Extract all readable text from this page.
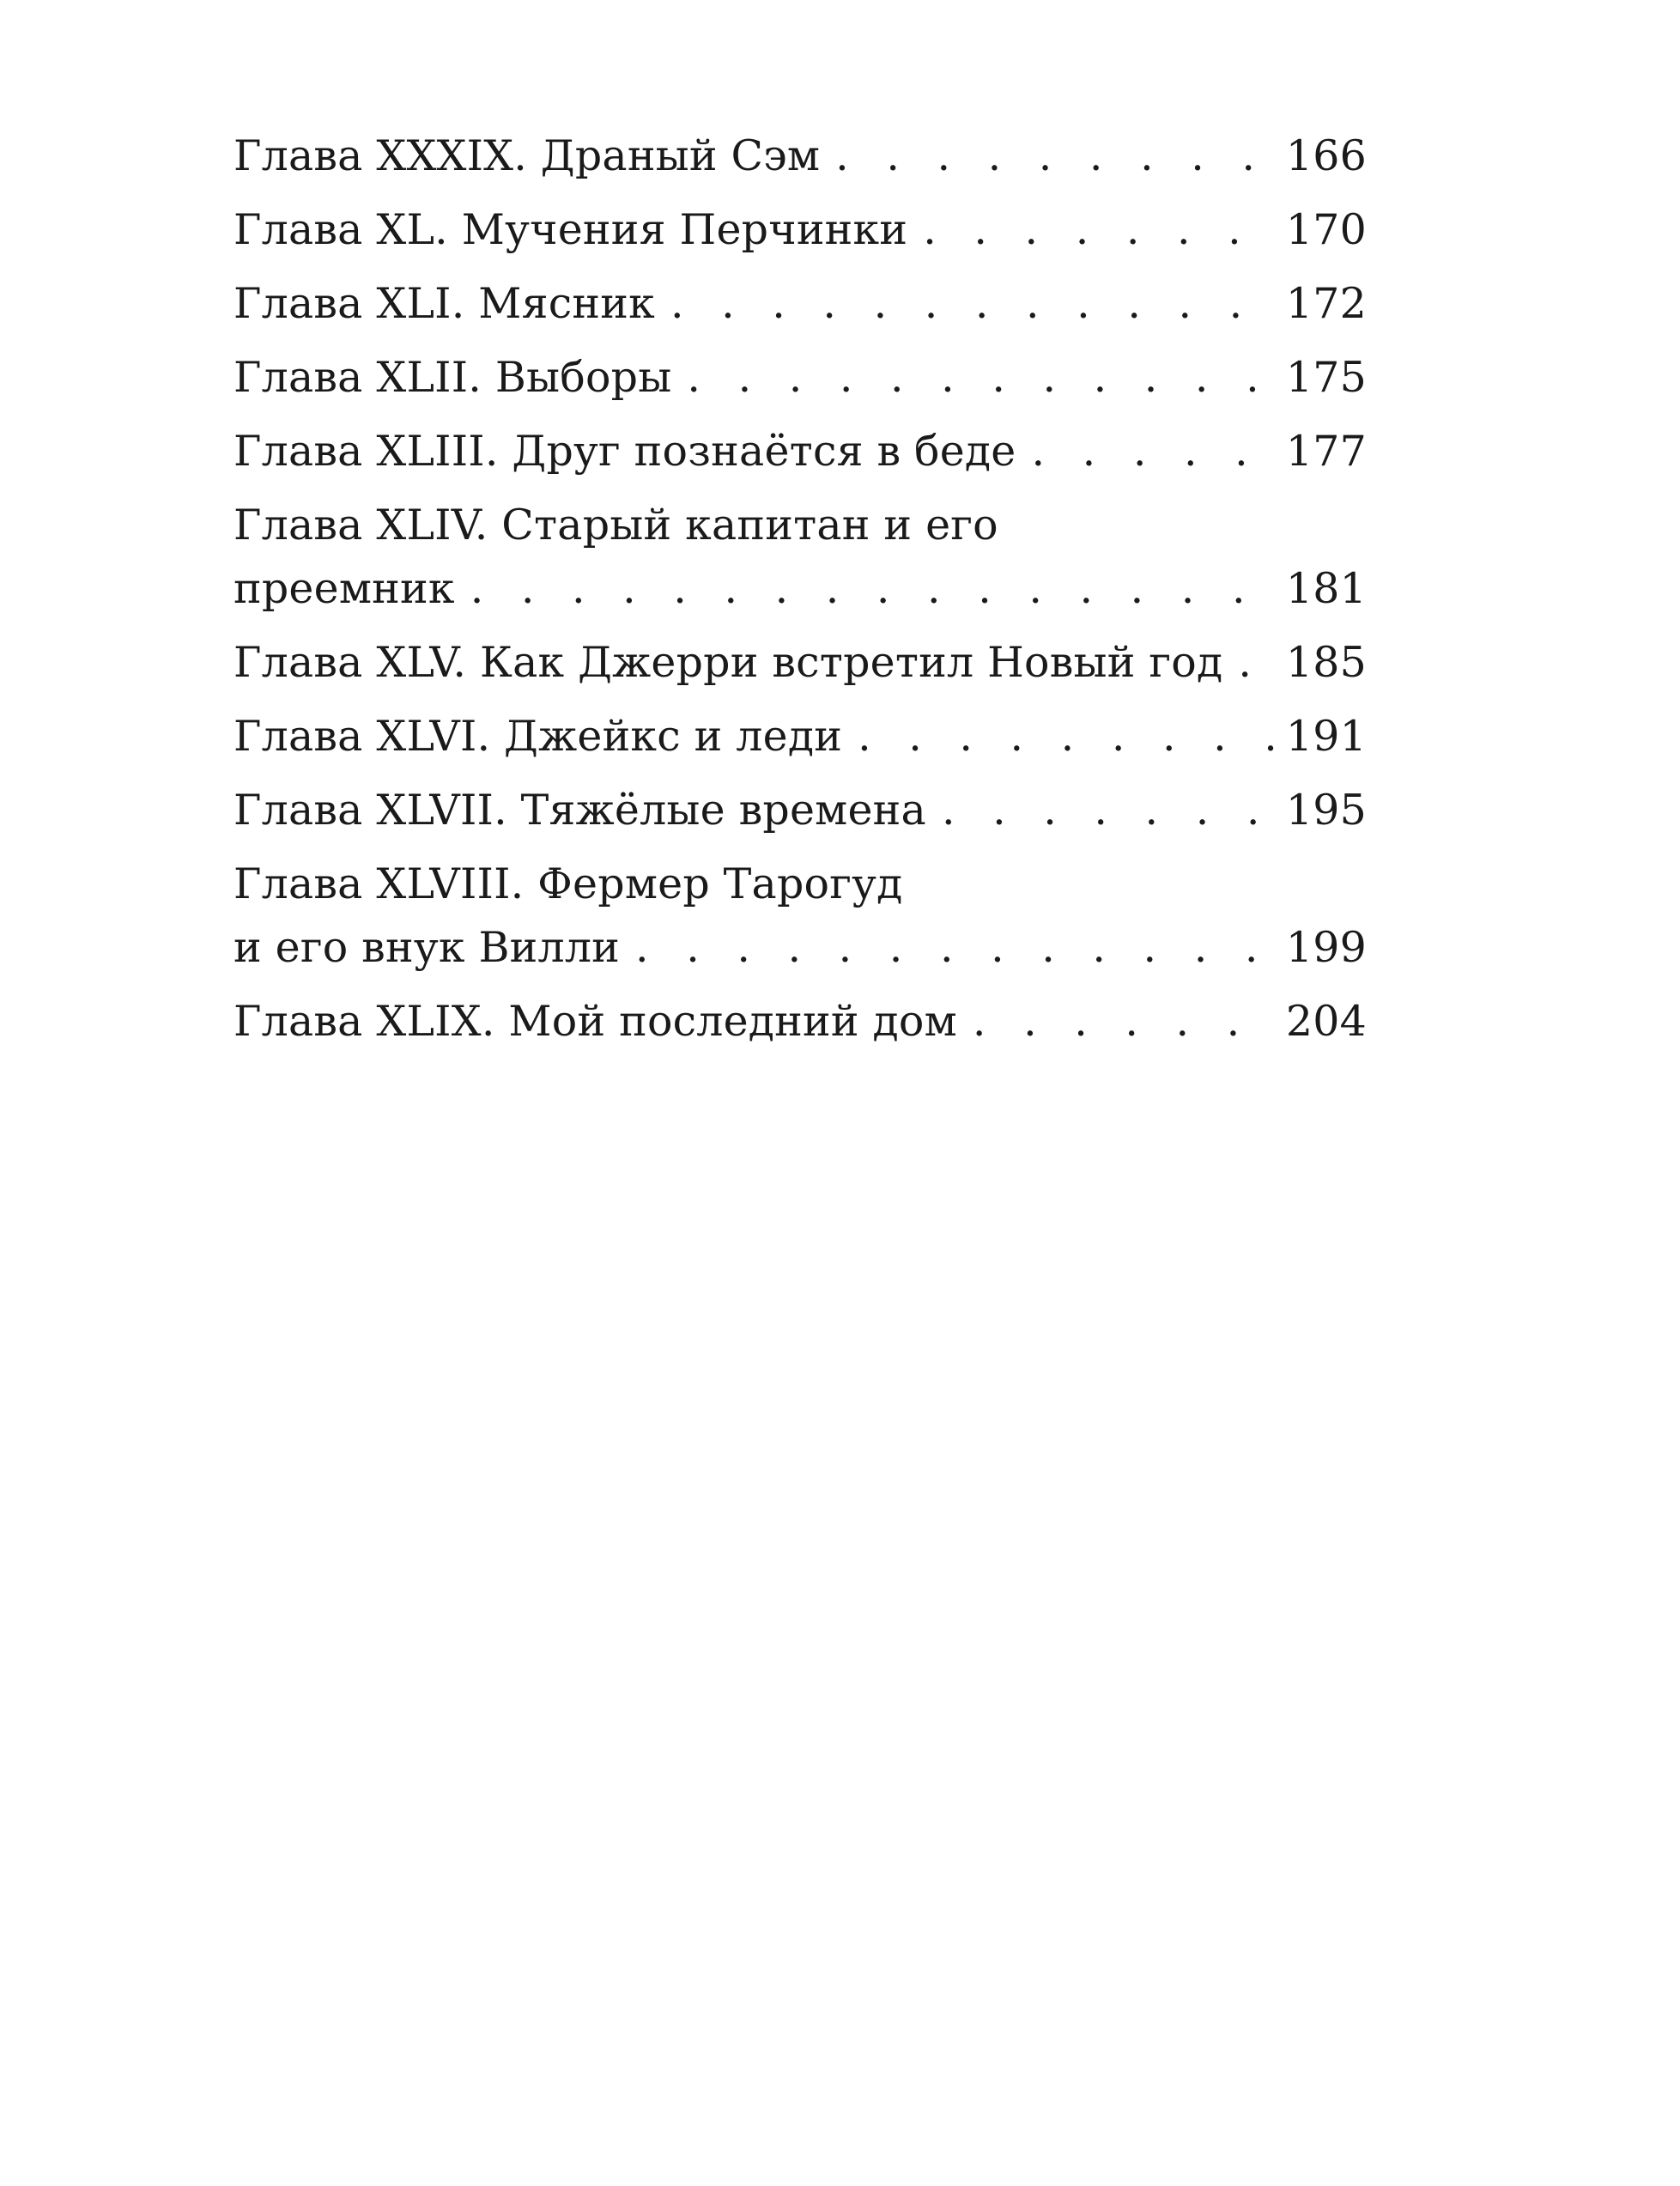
Глава XXXIX. Драный Сэм . . .	166
Глава XL. Мучения Перчинки . . .	170
Глава XLI. Мясник . . .	172
Глава XLII. Выборы . . .	175
Глава XLIII. Друг познаётся в беде . . .	177
Глава XLIV. Старый капитан и его
преемник . . .	181
Глава XLV. Как Джерри встретил Новый год . . . 185
Глава XLVI. Джейкс и леди . . .	191
Глава XLVII. Тяжёлые времена . . .	195
Глава XLVIII. Фермер Тарогуд
и его внук Вилли . . .	199
Глава XLIX. Мой последний дом . . .	204
